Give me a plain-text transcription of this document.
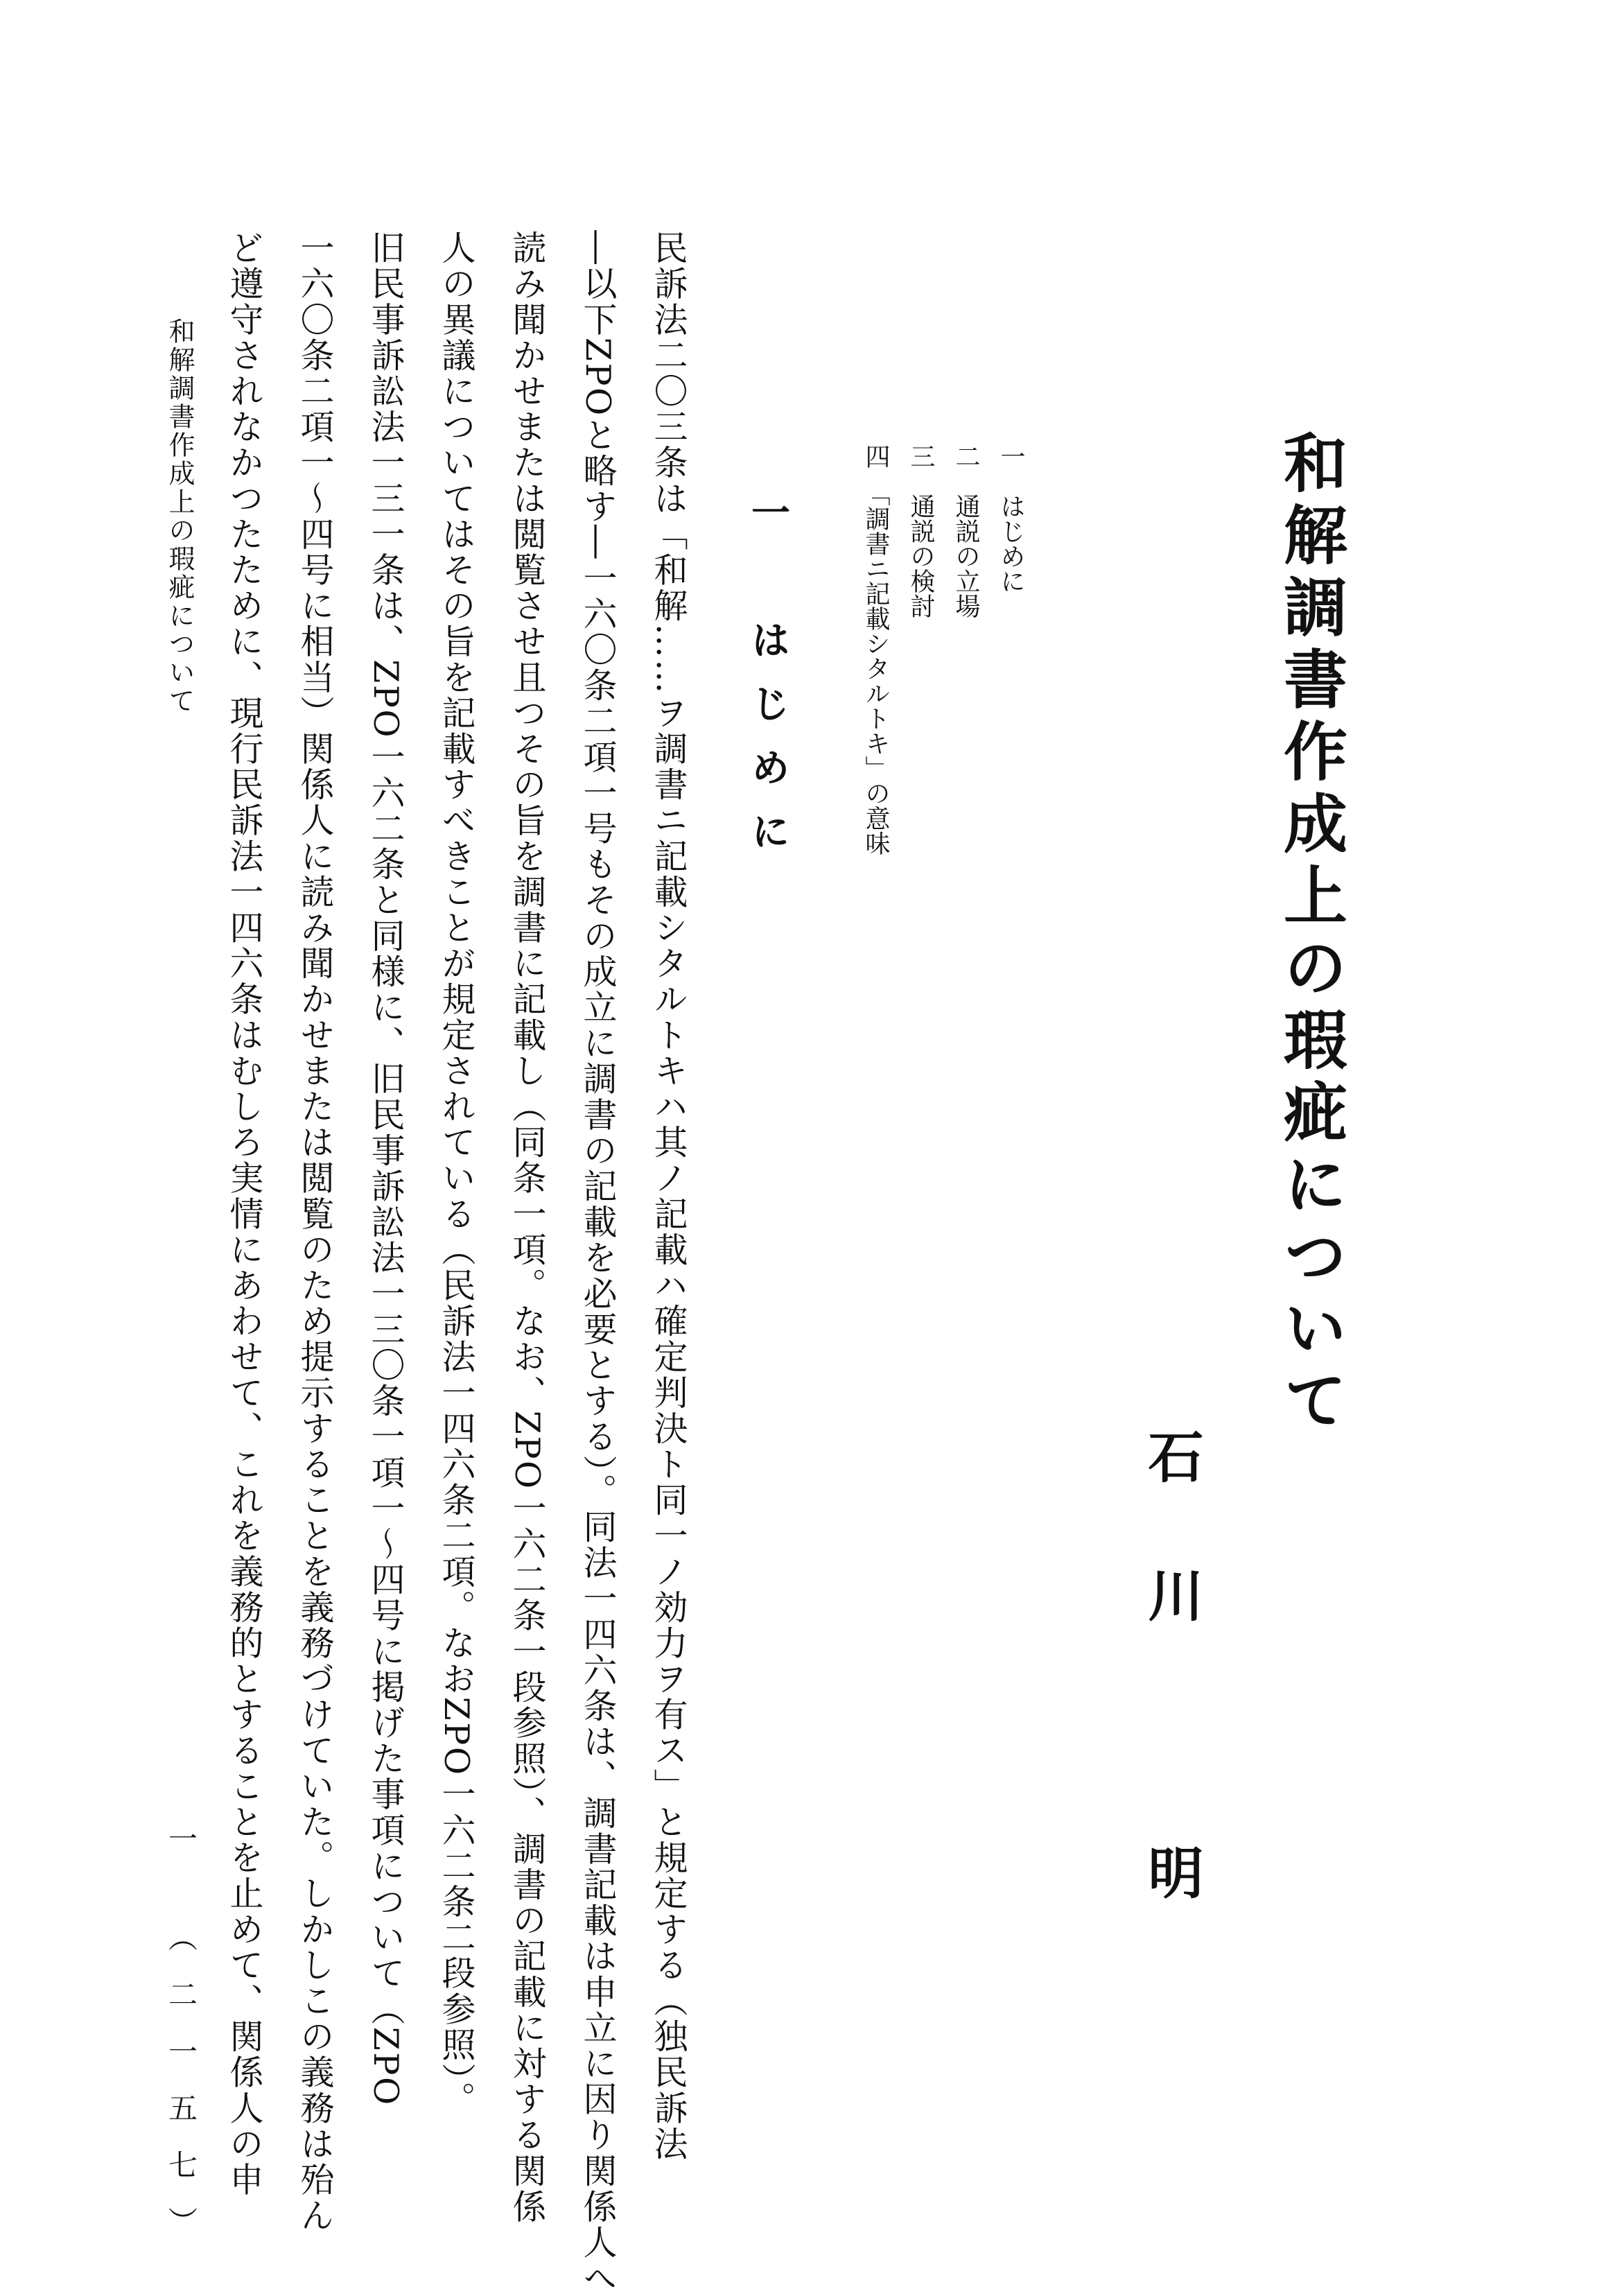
和解調書作成上の瑕疵について
石川　明
一　はじめに
二　通説の立場
三　通説の検討
四　「調書ニ記載シタルトキ」の意味
一　はじめに
民訴法二〇三条は「和解……ヲ調書ニ記載シタルトキハ其ノ記載ハ確定判決ト同一ノ効力ヲ有ス」と規定する（独民訴法
―以下ZPOと略す―一六〇条二項一号もその成立に調書の記載を必要とする）。同法一四六条は、調書記載は申立に因り関係人へ
読み聞かせまたは閲覧させ且つその旨を調書に記載し（同条一項。なお、ZPO一六二条一段参照）、調書の記載に対する関係
人の異議についてはその旨を記載すべきことが規定されている（民訴法一四六条二項。なおZPO一六二条二段参照）。
旧民事訴訟法一三一条は、ZPO一六二条と同様に、旧民事訴訟法一三〇条一項一～四号に掲げた事項について（ZPO
一六〇条二項一～四号に相当）関係人に読み聞かせまたは閲覧のため提示することを義務づけていた。しかしこの義務は殆ん
ど遵守されなかつたために、現行民訴法一四六条はむしろ実情にあわせて、これを義務的とすることを止めて、関係人の申
和解調書作成上の瑕疵について
一　（二一五七）
